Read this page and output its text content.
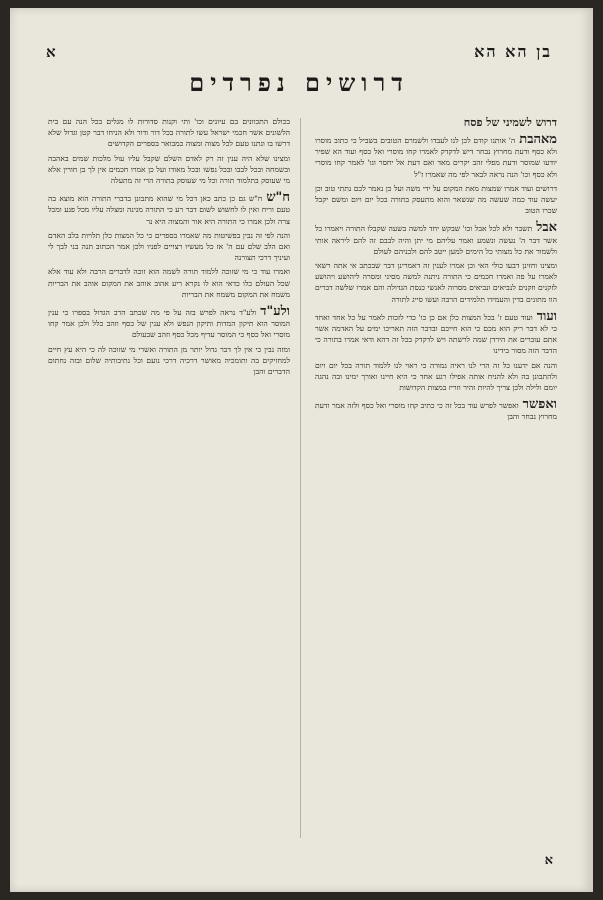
בן הא הא
א
דרושים נפרדים
דרוש לשמיני של פסח

מאהבתה' אותנו קודם לכן לנו לעבדו ולשמרם הטובים בשביל כי כתוב מוסרו ולא כסף ודעת מחרוץ נבחר דיש לדקדק לאמרו קחו מוסרי ואל כסף ועוד הא שפיר יודעו שמוסר ודעת מפלי זהב יקרים מאד ואם דעת אל יחסר וגו' לאמר קחו מוסרי ולא כסף וכו' הנה נראה לבאר לפי מה שאמרו ז"ל

דרושים ועוד אמרו שמצות מאת המקום על ידי משה ועל כן נאמר לכם נתתי טוב וכן יעשה עוד כמה שעשה מה שנשאר והוא מתעסק בתורה בכל יום ויום ומשם יקבל שכרו הטוב

אבלתשבר ולא לכל אבל וכו' שבקש יחד למשה בשעה שקבלו התורה ויאמרו כל אשר דבר ה' נעשה ונשמע ואמר עליהם מי יתן והיה לבבם זה להם ליראה אותי ולשמור את כל מצותי כל הימים למען ייטב להם ולבניהם לעולם

ומצינו וחזינן דבעו כולי האי וכן אמרו לענין זה דאמרינן דבר שבכתב אי אתה רשאי לאמרו על פה ואמרו חכמים כי התורה ניתנה למשה מסיני ומסרה ליהושע ויהושע לזקנים וזקנים לנביאים ונביאים מסרוה לאנשי כנסת הגדולה והם אמרו שלשה דברים הוו מתונים בדין והעמידו תלמידים הרבה ועשו סייג לתורה

ועודועוד טעם ז' בכל המצות כלן אם כן כו' כדי לזכות לאמר על כל אחד ואחד כי לא דבר ריק הוא מכם כי הוא חייכם ובדבר הזה תאריכו ימים על האדמה אשר אתם עוברים את הירדן שמה לרשתה ויש לדקדק בכל זה דהא ודאי אמרו בתורה כי הדבר הזה מסור בידינו

והנה אם ידענו כל זה הרי לנו ראיה גמורה כי ראוי לנו ללמוד תורה בכל יום ויום ולהתבונן בה ולא להניח אותה אפילו רגע אחד כי היא חיינו ואורך ימינו ובה נהגה יומם ולילה ולכן צריך להיות זהיר וזריז במצות הקדושות

ואפשרואפשר לפרש עוד בכל זה כי כתיב קחו מוסרי ואל כסף ולזה אמר ודעת מחרוץ נבחר והבן

בכולם התכוונים בם עיונים וכו' ותי וקנות סדורות לו מגלים בכל הנה עם בית הלשונים אשר חכמי ישראל עשו לתורה בכל דור ודור ולא הניחו דבר קטן וגדול שלא דרשו בו ונתנו טעם לכל מצוה ומצוה כמבואר בספרים הקדושים

ומצינו שלא היה ענין זה רק לאדם השלם שקבל עליו עול מלכות שמים באהבה ובשמחה ובכל לבבו ובכל נפשו ובכל מאודו ועל כן אמרו חכמים אין לך בן חורין אלא מי שעוסק בתלמוד תורה וכל מי שעוסק בתורה הרי זה מתעלה

ח"שח"ש גם כן כתב כאן דכל מי שהוא מתבונן בדברי התורה הוא מוצא בה טעם וריח ואין לו לחשוש לשום דבר רע כי התורה מגינה ומצלה עליו מכל פגע ומכל צרה ולכן אמרו כי התורה היא אור והמצוה היא נר

והנה לפי זה נבין בפשיטות מה שאמרו בספרים כי כל המצות כלן תלויות בלב האדם ואם הלב שלם עם ה' אז כל מעשיו רצויים לפניו ולכן אמר הכתוב תנה בני לבך לי ועיניך דרכי תצורנה

ואמרו עוד כי מי שזוכה ללמוד תורה לשמה הוא זוכה לדברים הרבה ולא עוד אלא שכל העולם כלו כדאי הוא לו נקרא ריע אהוב אוהב את המקום אוהב את הבריות משמח את המקום משמח את הבריות

ולע"דולע"ד נראה לפרש בזה על פי מה שכתב הרב הגדול בספרו כי ענין המוסר הוא תיקון המדות ותיקון הנפש ולא ענין של כסף וזהב כלל ולכן אמר קחו מוסרי ואל כסף כי המוסר עדיף מכל כסף וזהב שבעולם

ומזה נבין כי אין לך דבר גדול יותר מן התורה ואשרי מי שזוכה לה כי היא עץ חיים למחזיקים בה ותומכיה מאושר דרכיה דרכי נועם וכל נתיבותיה שלום ובזה נחתום הדברים והבן

א
